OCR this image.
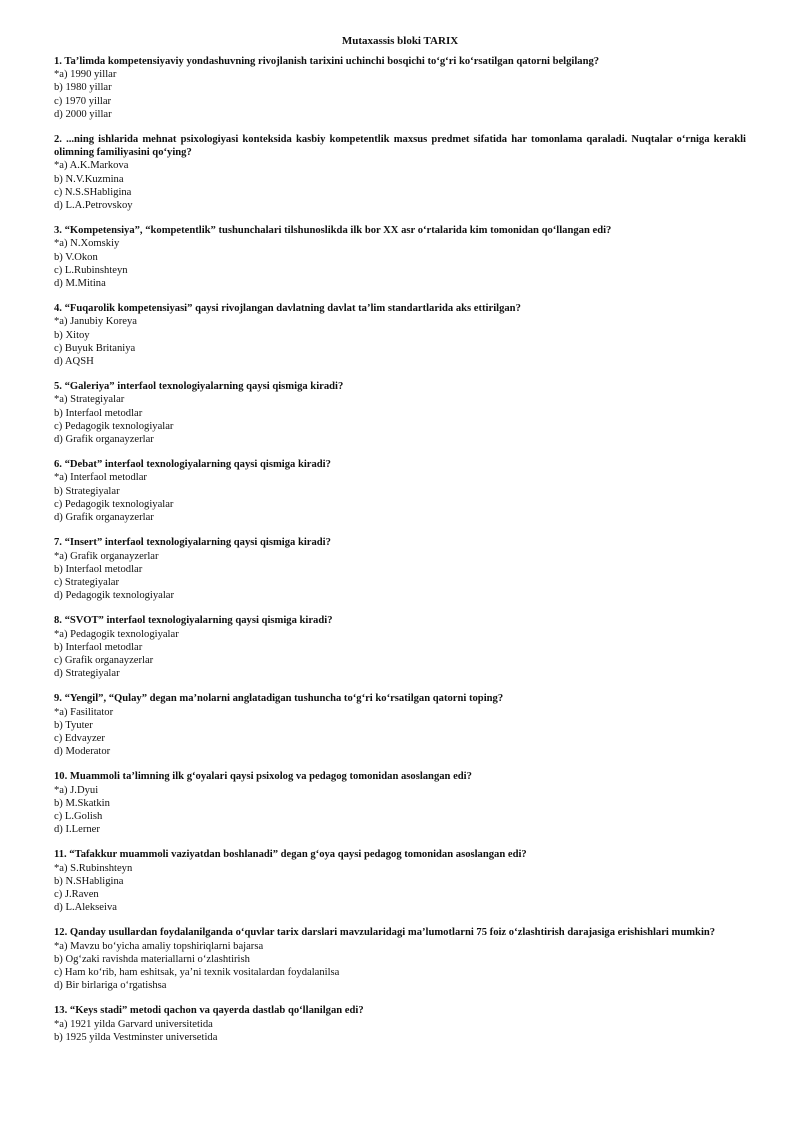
Mutaxassis bloki TARIX

1. Ta’limda kompetensiyaviy yondashuvning rivojlanish tarixini uchinchi bosqichi to‘g‘ri ko‘rsatilgan qatorni belgilang?

*a) 1990 yillar

b) 1980 yillar

c) 1970 yillar

d) 2000 yillar

2. ...ning ishlarida mehnat psixologiyasi konteksida kasbiy kompetentlik maxsus predmet sifatida har tomonlama qaraladi. Nuqtalar o‘rniga kerakli olimning familiyasini qo‘ying?

*a) A.K.Markova

b) N.V.Kuzmina

c) N.S.SHabligina

d) L.A.Petrovskoy

3. “Kompetensiya”, “kompetentlik” tushunchalari tilshunoslikda ilk bor XX asr o‘rtalarida kim tomonidan qo‘llangan edi?

*a) N.Xomskiy

b) V.Okon

c) L.Rubinshteyn

d) M.Mitina

4. “Fuqarolik kompetensiyasi” qaysi rivojlangan davlatning davlat ta’lim standartlarida aks ettirilgan?

*a) Janubiy Koreya

b) Xitoy

c) Buyuk Britaniya

d) AQSH

5. “Galeriya” interfaol texnologiyalarning qaysi qismiga kiradi?

*a) Strategiyalar

b) Interfaol metodlar

c) Pedagogik texnologiyalar

d) Grafik organayzerlar

6. “Debat” interfaol texnologiyalarning qaysi qismiga kiradi?

*a) Interfaol metodlar

b) Strategiyalar

c) Pedagogik texnologiyalar

d) Grafik organayzerlar

7. “Insert” interfaol texnologiyalarning qaysi qismiga kiradi?

*a) Grafik organayzerlar

b) Interfaol metodlar

c) Strategiyalar

d) Pedagogik texnologiyalar

8. “SVOT” interfaol texnologiyalarning qaysi qismiga kiradi?

*a) Pedagogik texnologiyalar

b) Interfaol metodlar

c) Grafik organayzerlar

d) Strategiyalar

9. “Yengil”, “Qulay” degan ma’nolarni anglatadigan tushuncha to‘g‘ri ko‘rsatilgan qatorni toping?

*a) Fasilitator

b) Tyuter

c) Edvayzer

d) Moderator

10. Muammoli ta’limning ilk g‘oyalari qaysi psixolog va pedagog tomonidan asoslangan edi?

*a) J.Dyui

b) M.Skatkin

c) L.Golish

d) I.Lerner

11. “Tafakkur muammoli vaziyatdan boshlanadi” degan g‘oya qaysi pedagog tomonidan asoslangan edi?

*a) S.Rubinshteyn

b) N.SHabligina

c) J.Raven

d) L.Alekseiva

12. Qanday usullardan foydalanilganda o‘quvlar tarix darslari mavzularidagi ma’lumotlarni 75 foiz o‘zlashtirish darajasiga erishishlari mumkin?

*a) Mavzu bo‘yicha amaliy topshiriqlarni bajarsa

b) Og‘zaki ravishda materiallarni o‘zlashtirish

c) Ham ko‘rib, ham eshitsak, ya’ni texnik vositalardan foydalanilsa

d) Bir birlariga o‘rgatishsa

13. “Keys stadi” metodi qachon va qayerda dastlab qo‘llanilgan edi?

*a) 1921 yilda Garvard universitetida

b) 1925 yilda Vestminster universetida
